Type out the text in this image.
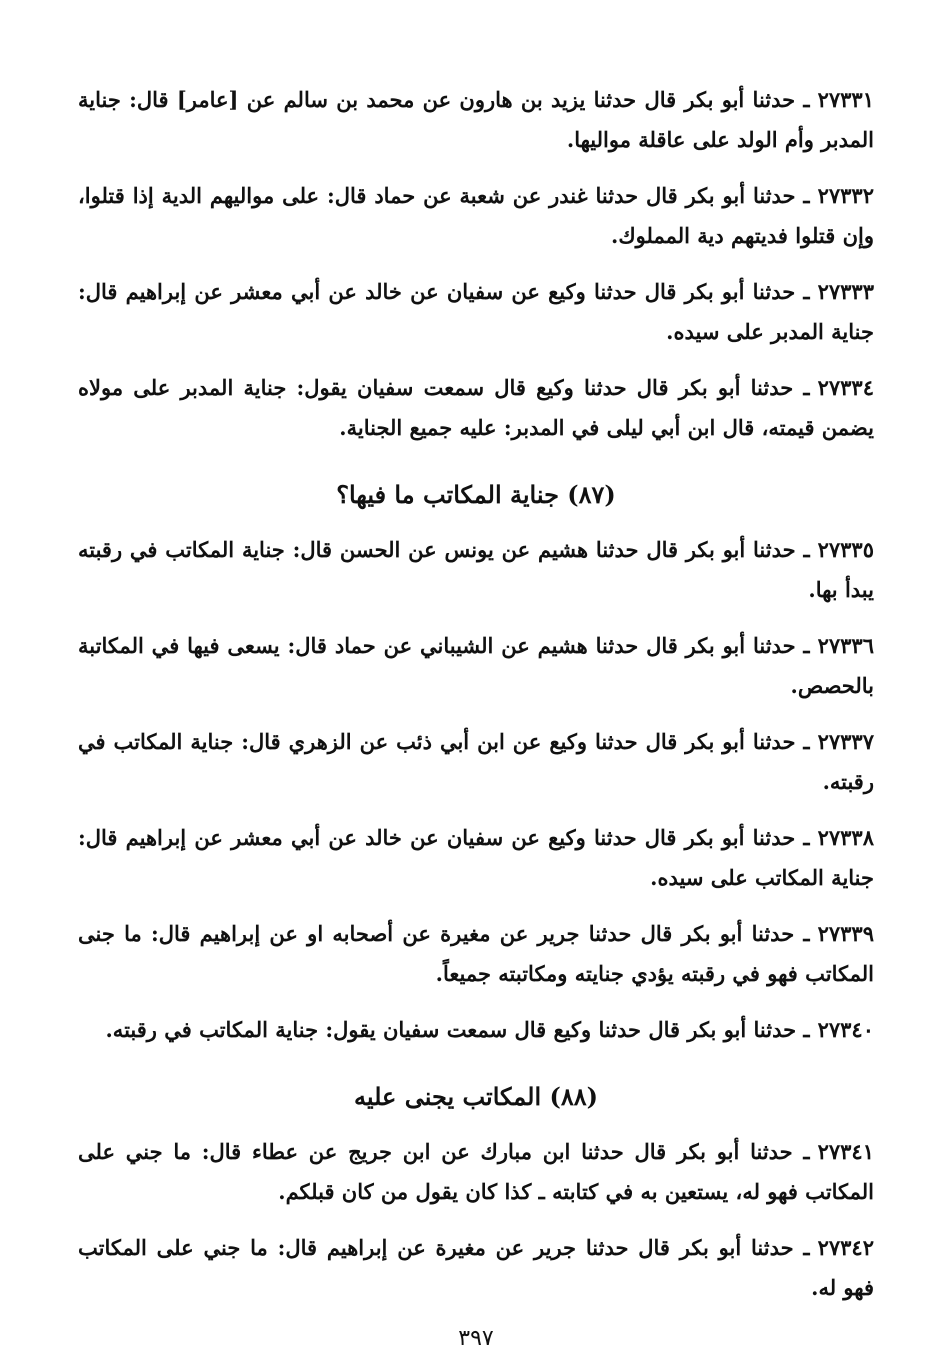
٢٧٣٣١ـ حدثنا أبو بكر قال حدثنا يزيد بن هارون عن محمد بن سالم عن [عامر] قال: جناية المدبر وأم الولد على عاقلة مواليها.

٢٧٣٣٢ـ حدثنا أبو بكر قال حدثنا غندر عن شعبة عن حماد قال: على مواليهم الدية إذا قتلوا، وإن قتلوا فديتهم دية المملوك.

٢٧٣٣٣ـ حدثنا أبو بكر قال حدثنا وكيع عن سفيان عن خالد عن أبي معشر عن إبراهيم قال: جناية المدبر على سيده.

٢٧٣٣٤ـ حدثنا أبو بكر قال حدثنا وكيع قال سمعت سفيان يقول: جناية المدبر على مولاه يضمن قيمته، قال ابن أبي ليلى في المدبر: عليه جميع الجناية.

(٨٧) جناية المكاتب ما فيها؟

٢٧٣٣٥ـ حدثنا أبو بكر قال حدثنا هشيم عن يونس عن الحسن قال: جناية المكاتب في رقبته يبدأ بها.

٢٧٣٣٦ـ حدثنا أبو بكر قال حدثنا هشيم عن الشيباني عن حماد قال: يسعى فيها في المكاتبة بالحصص.

٢٧٣٣٧ـ حدثنا أبو بكر قال حدثنا وكيع عن ابن أبي ذئب عن الزهري قال: جناية المكاتب في رقبته.

٢٧٣٣٨ـ حدثنا أبو بكر قال حدثنا وكيع عن سفيان عن خالد عن أبي معشر عن إبراهيم قال: جناية المكاتب على سيده.

٢٧٣٣٩ـ حدثنا أبو بكر قال حدثنا جرير عن مغيرة عن أصحابه او عن إبراهيم قال: ما جنى المكاتب فهو في رقبته يؤدي جنايته ومكاتبته جميعاً.

٢٧٣٤٠ـ حدثنا أبو بكر قال حدثنا وكيع قال سمعت سفيان يقول: جناية المكاتب في رقبته.

(٨٨) المكاتب يجنى عليه

٢٧٣٤١ـ حدثنا أبو بكر قال حدثنا ابن مبارك عن ابن جريج عن عطاء قال: ما جني على المكاتب فهو له، يستعين به في كتابته ـ كذا كان يقول من كان قبلكم.

٢٧٣٤٢ـ حدثنا أبو بكر قال حدثنا جرير عن مغيرة عن إبراهيم قال: ما جني على المكاتب فهو له.

٣٩٧
